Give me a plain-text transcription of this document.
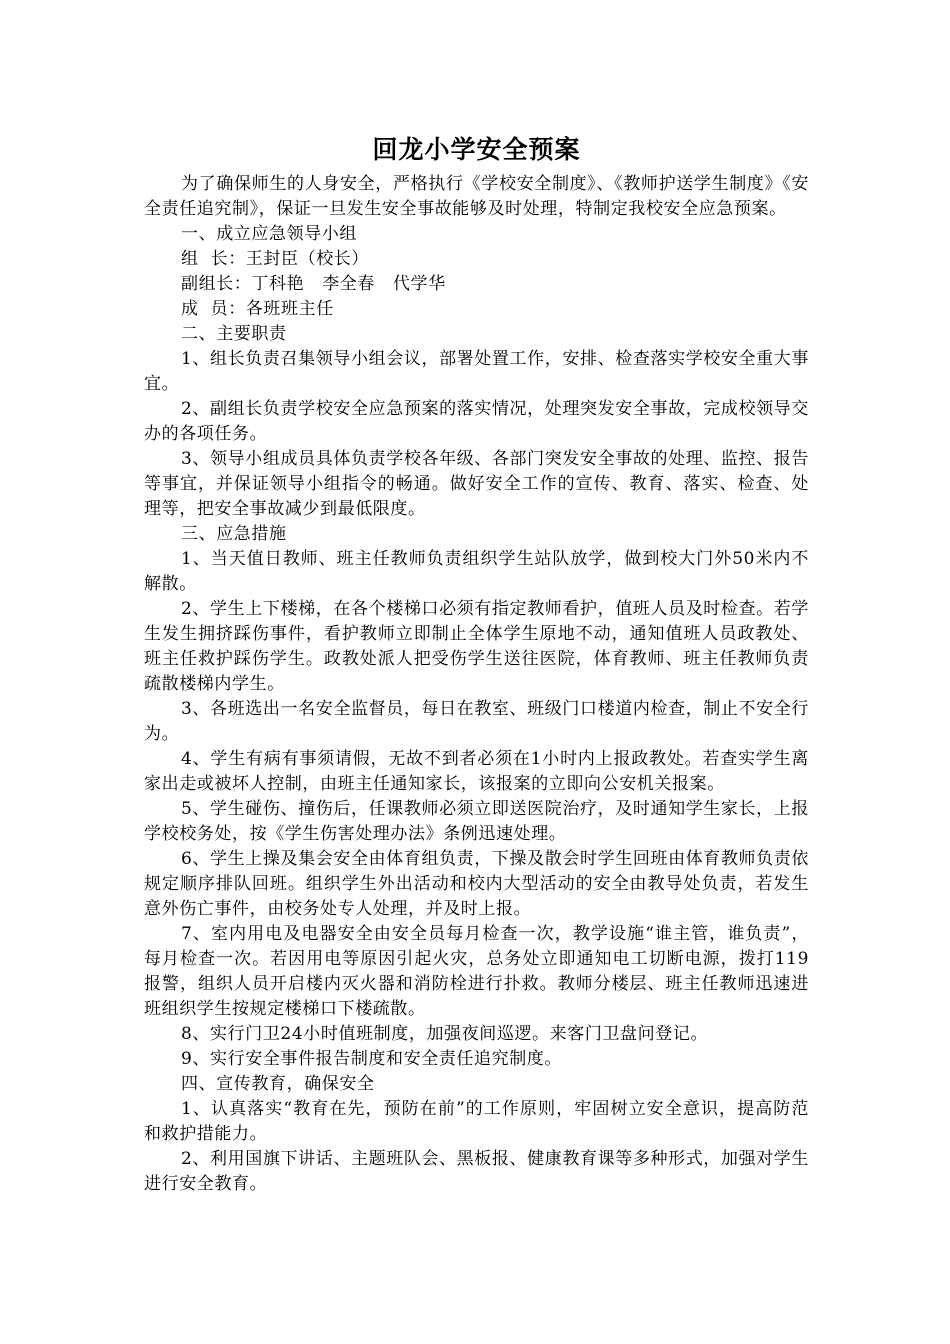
回龙小学安全预案

为了确保师生的人身安全，严格执行《学校安全制度》、《教师护送学生制度》《安全责任追究制》，保证一旦发生安全事故能够及时处理，特制定我校安全应急预案。

一、成立应急领导小组

组  长：王封臣（校长）

副组长：丁科艳   李全春   代学华

成  员：各班班主任

二、主要职责

1、组长负责召集领导小组会议，部署处置工作，安排、检查落实学校安全重大事宜。

2、副组长负责学校安全应急预案的落实情况，处理突发安全事故，完成校领导交办的各项任务。

3、领导小组成员具体负责学校各年级、各部门突发安全事故的处理、监控、报告等事宜，并保证领导小组指令的畅通。做好安全工作的宣传、教育、落实、检查、处理等，把安全事故减少到最低限度。

三、应急措施

1、当天值日教师、班主任教师负责组织学生站队放学，做到校大门外50米内不解散。

2、学生上下楼梯，在各个楼梯口必须有指定教师看护，值班人员及时检查。若学生发生拥挤踩伤事件，看护教师立即制止全体学生原地不动，通知值班人员政教处、班主任救护踩伤学生。政教处派人把受伤学生送往医院，体育教师、班主任教师负责疏散楼梯内学生。

3、各班选出一名安全监督员，每日在教室、班级门口楼道内检查，制止不安全行为。

4、学生有病有事须请假，无故不到者必须在1小时内上报政教处。若查实学生离家出走或被坏人控制，由班主任通知家长，该报案的立即向公安机关报案。

5、学生碰伤、撞伤后，任课教师必须立即送医院治疗，及时通知学生家长，上报学校校务处，按《学生伤害处理办法》条例迅速处理。

6、学生上操及集会安全由体育组负责，下操及散会时学生回班由体育教师负责依规定顺序排队回班。组织学生外出活动和校内大型活动的安全由教导处负责，若发生意外伤亡事件，由校务处专人处理，并及时上报。

7、室内用电及电器安全由安全员每月检查一次，教学设施“谁主管，谁负责”，每月检查一次。若因用电等原因引起火灾，总务处立即通知电工切断电源，拨打119报警，组织人员开启楼内灭火器和消防栓进行扑救。教师分楼层、班主任教师迅速进班组织学生按规定楼梯口下楼疏散。

8、实行门卫24小时值班制度，加强夜间巡逻。来客门卫盘问登记。

9、实行安全事件报告制度和安全责任追究制度。

四、宣传教育，确保安全

1、认真落实“教育在先，预防在前”的工作原则，牢固树立安全意识，提高防范和救护措能力。

2、利用国旗下讲话、主题班队会、黑板报、健康教育课等多种形式，加强对学生进行安全教育。
